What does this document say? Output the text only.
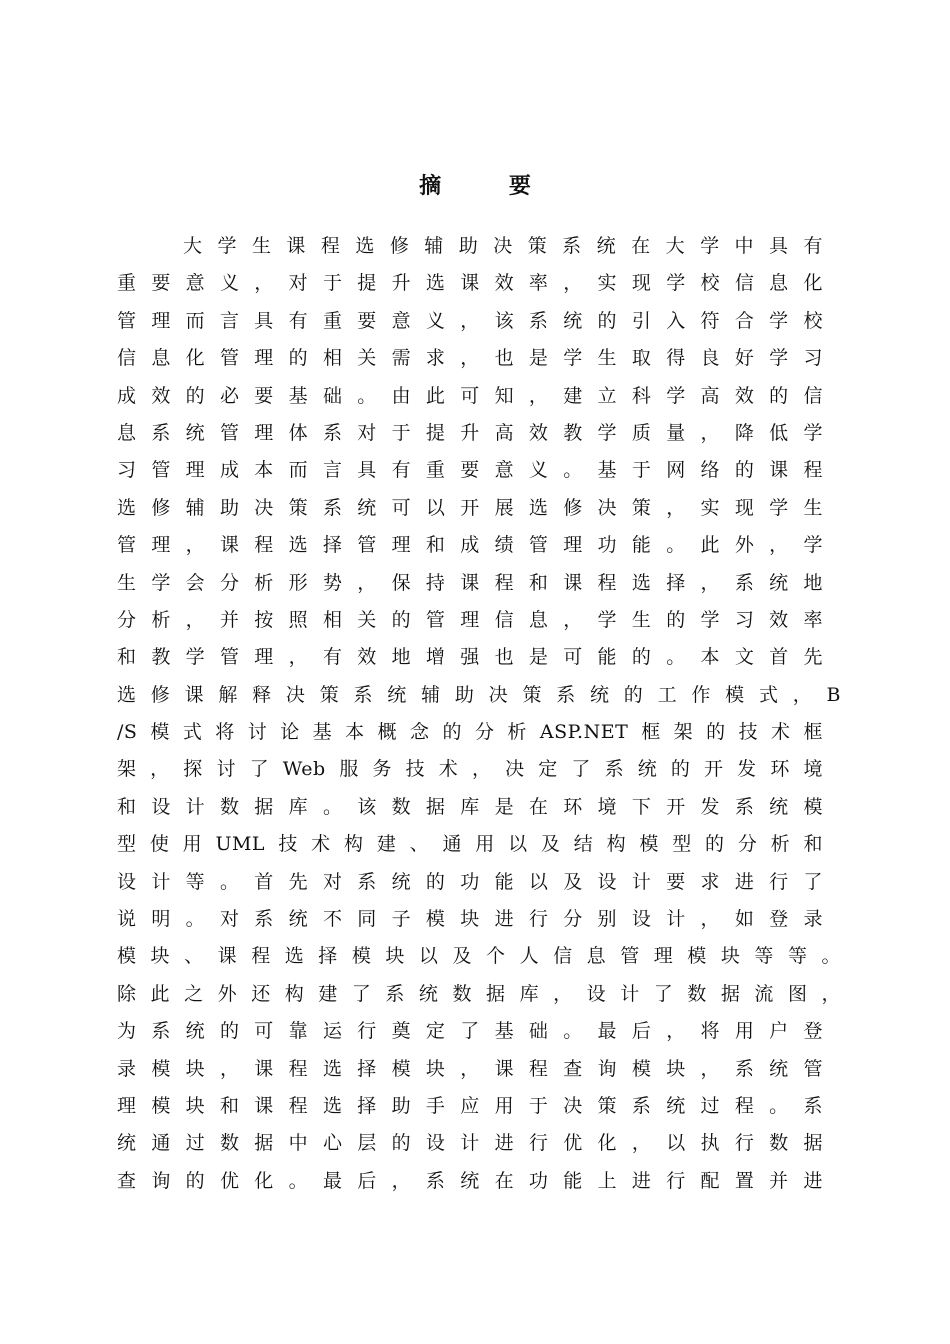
摘 要
大学生课程选修辅助决策系统在大学中具有
重要意义，对于提升选课效率，实现学校信息化
管理而言具有重要意义，该系统的引入符合学校
信息化管理的相关需求，也是学生取得良好学习
成效的必要基础。由此可知，建立科学高效的信
息系统管理体系对于提升高效教学质量，降低学
习管理成本而言具有重要意义。基于网络的课程
选修辅助决策系统可以开展选修决策，实现学生
管理，课程选择管理和成绩管理功能。此外，学
生学会分析形势，保持课程和课程选择，系统地
分析，并按照相关的管理信息，学生的学习效率
和教学管理，有效地增强也是可能的。本文首先
选修课解释决策系统辅助决策系统的工作模式，B
/S模式将讨论基本概念的分析ASP.NET框架的技术框
架，探讨了Web服务技术，决定了系统的开发环境
和设计数据库。该数据库是在环境下开发系统模
型使用UML技术构建、通用以及结构模型的分析和
设计等。首先对系统的功能以及设计要求进行了
说明。对系统不同子模块进行分别设计，如登录
模块、课程选择模块以及个人信息管理模块等等。
除此之外还构建了系统数据库，设计了数据流图，
为系统的可靠运行奠定了基础。最后，将用户登
录模块，课程选择模块，课程查询模块，系统管
理模块和课程选择助手应用于决策系统过程。系
统通过数据中心层的设计进行优化，以执行数据
查询的优化。最后，系统在功能上进行配置并进
